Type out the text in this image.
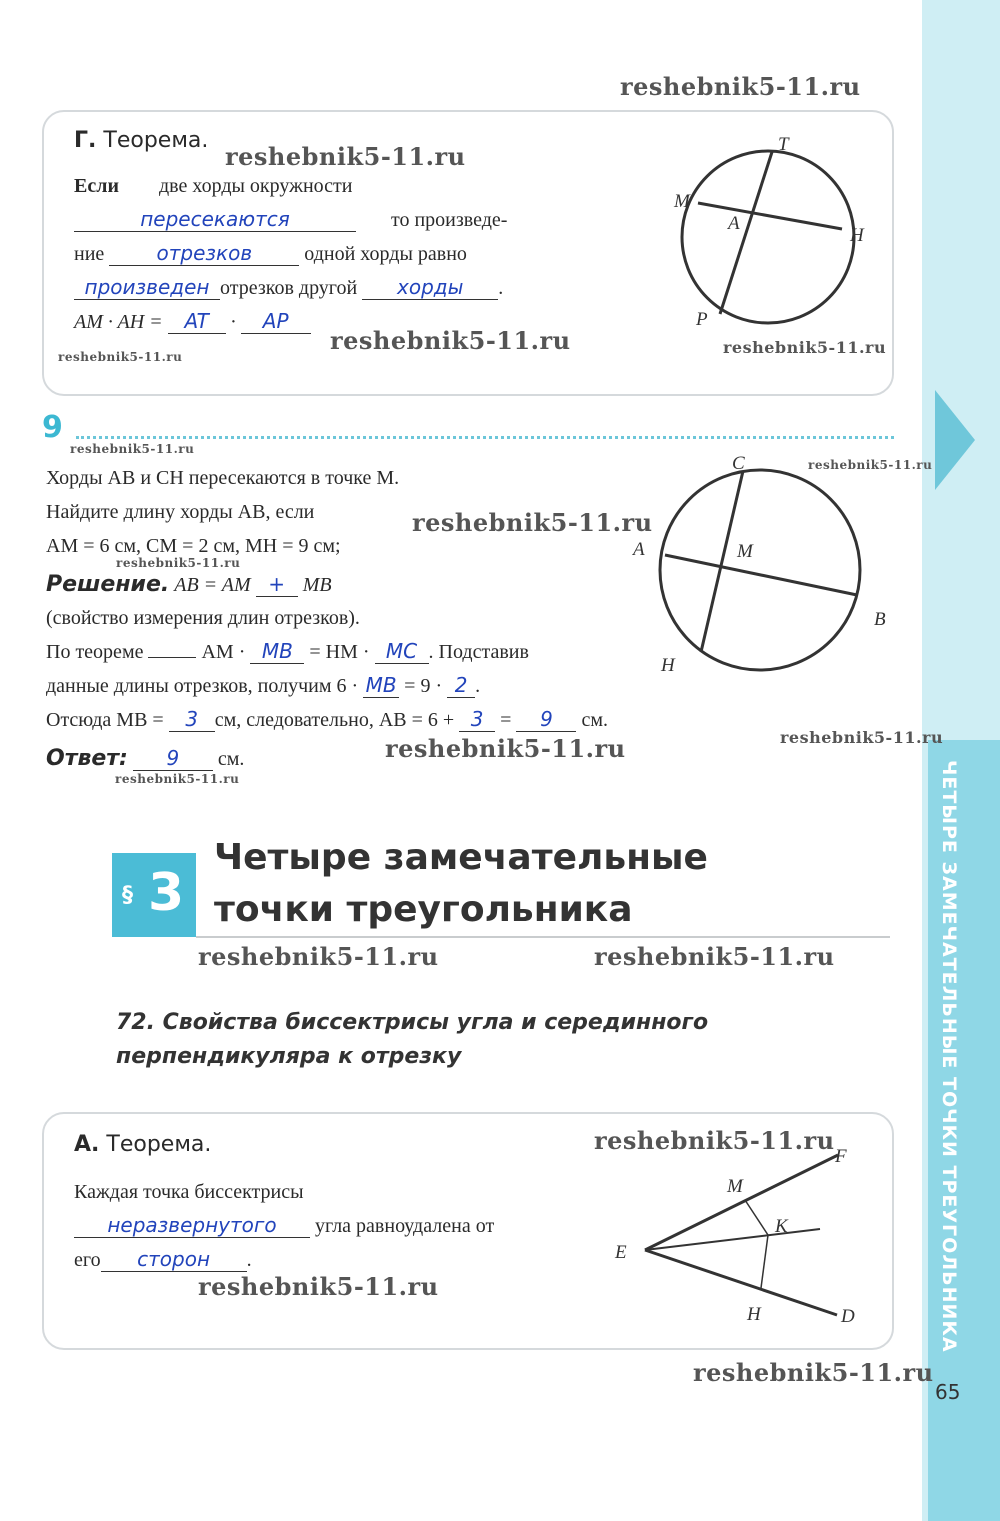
ЧЕТЫРЕ ЗАМЕЧАТЕЛЬНЫЕ ТОЧКИ ТРЕУГОЛЬНИКА
reshebnik5-11.ru
Г. Теорема.
reshebnik5-11.ru
Если две хорды окружности
пересекаются	то произведе-
ние	отрезков	одной хорды равно
произведен отрезков другой хорды .
AM · AH = AT · AP
reshebnik5-11.ru
reshebnik5-11.ru	reshebnik5-11.ru
T
M
A
H
P
9
reshebnik5-11.ru
reshebnik5-11.ru
Хорды AB и CH пересекаются в точке M.
Найдите длину хорды AB, если	reshebnik5-11.ru
AM = 6 см, CM = 2 см, MH = 9 см;
reshebnik5-11.ru
Решение. AB = AM + MB
(свойство измерения длин отрезков).
По теореме	AM · MB = HM · MC . Подставив
данные длины отрезков, получим 6 · MB = 9 · 2 .
Отсюда MB = 3 см, следовательно, AB = 6 + 3 = 9 см.
reshebnik5-11.ru
Ответ: 9 см.	reshebnik5-11.ru
reshebnik5-11.ru
C
A	M
B
H
§ 3
Четыре замечательные
точки треугольника
reshebnik5-11.ru	reshebnik5-11.ru
72. Свойства биссектрисы угла и серединного
перпендикуляра к отрезку
А. Теорема.	reshebnik5-11.ru
Каждая точка биссектрисы
неразвернутого угла равноудалена от
его сторон .
reshebnik5-11.ru
F
M
K
E
H	D
reshebnik5-11.ru
65
